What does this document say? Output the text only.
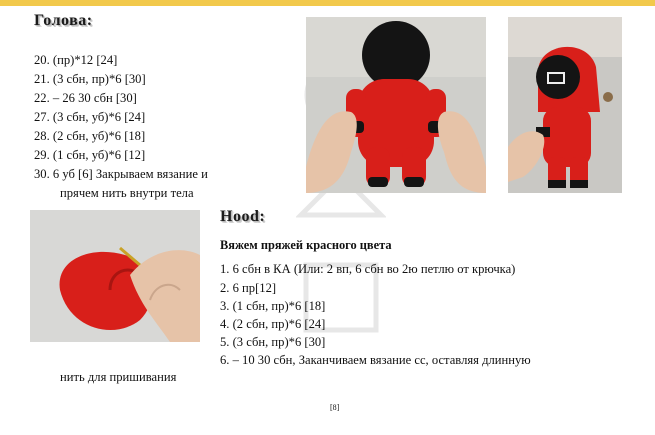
Голова:
20. (пр)*12 [24]
21. (3 сбн, пр)*6 [30]
22. – 26 30 сбн [30]
27. (3 сбн, уб)*6 [24]
28. (2 сбн, уб)*6 [18]
29. (1 сбн, уб)*6 [12]
30. 6 уб [6] Закрываем вязание и
прячем нить внутри тела
Hood:
Вяжем пряжей красного цвета
1. 6 сбн в КА (Или: 2 вп, 6 сбн во 2ю петлю от крючка)
2. 6 пр[12]
3. (1 сбн, пр)*6 [18]
4. (2 сбн, пр)*6 [24]
5. (3 сбн, пр)*6 [30]
6. – 10 30 сбн, Заканчиваем вязание сс, оставляя длинную
нить для пришивания
[8]
